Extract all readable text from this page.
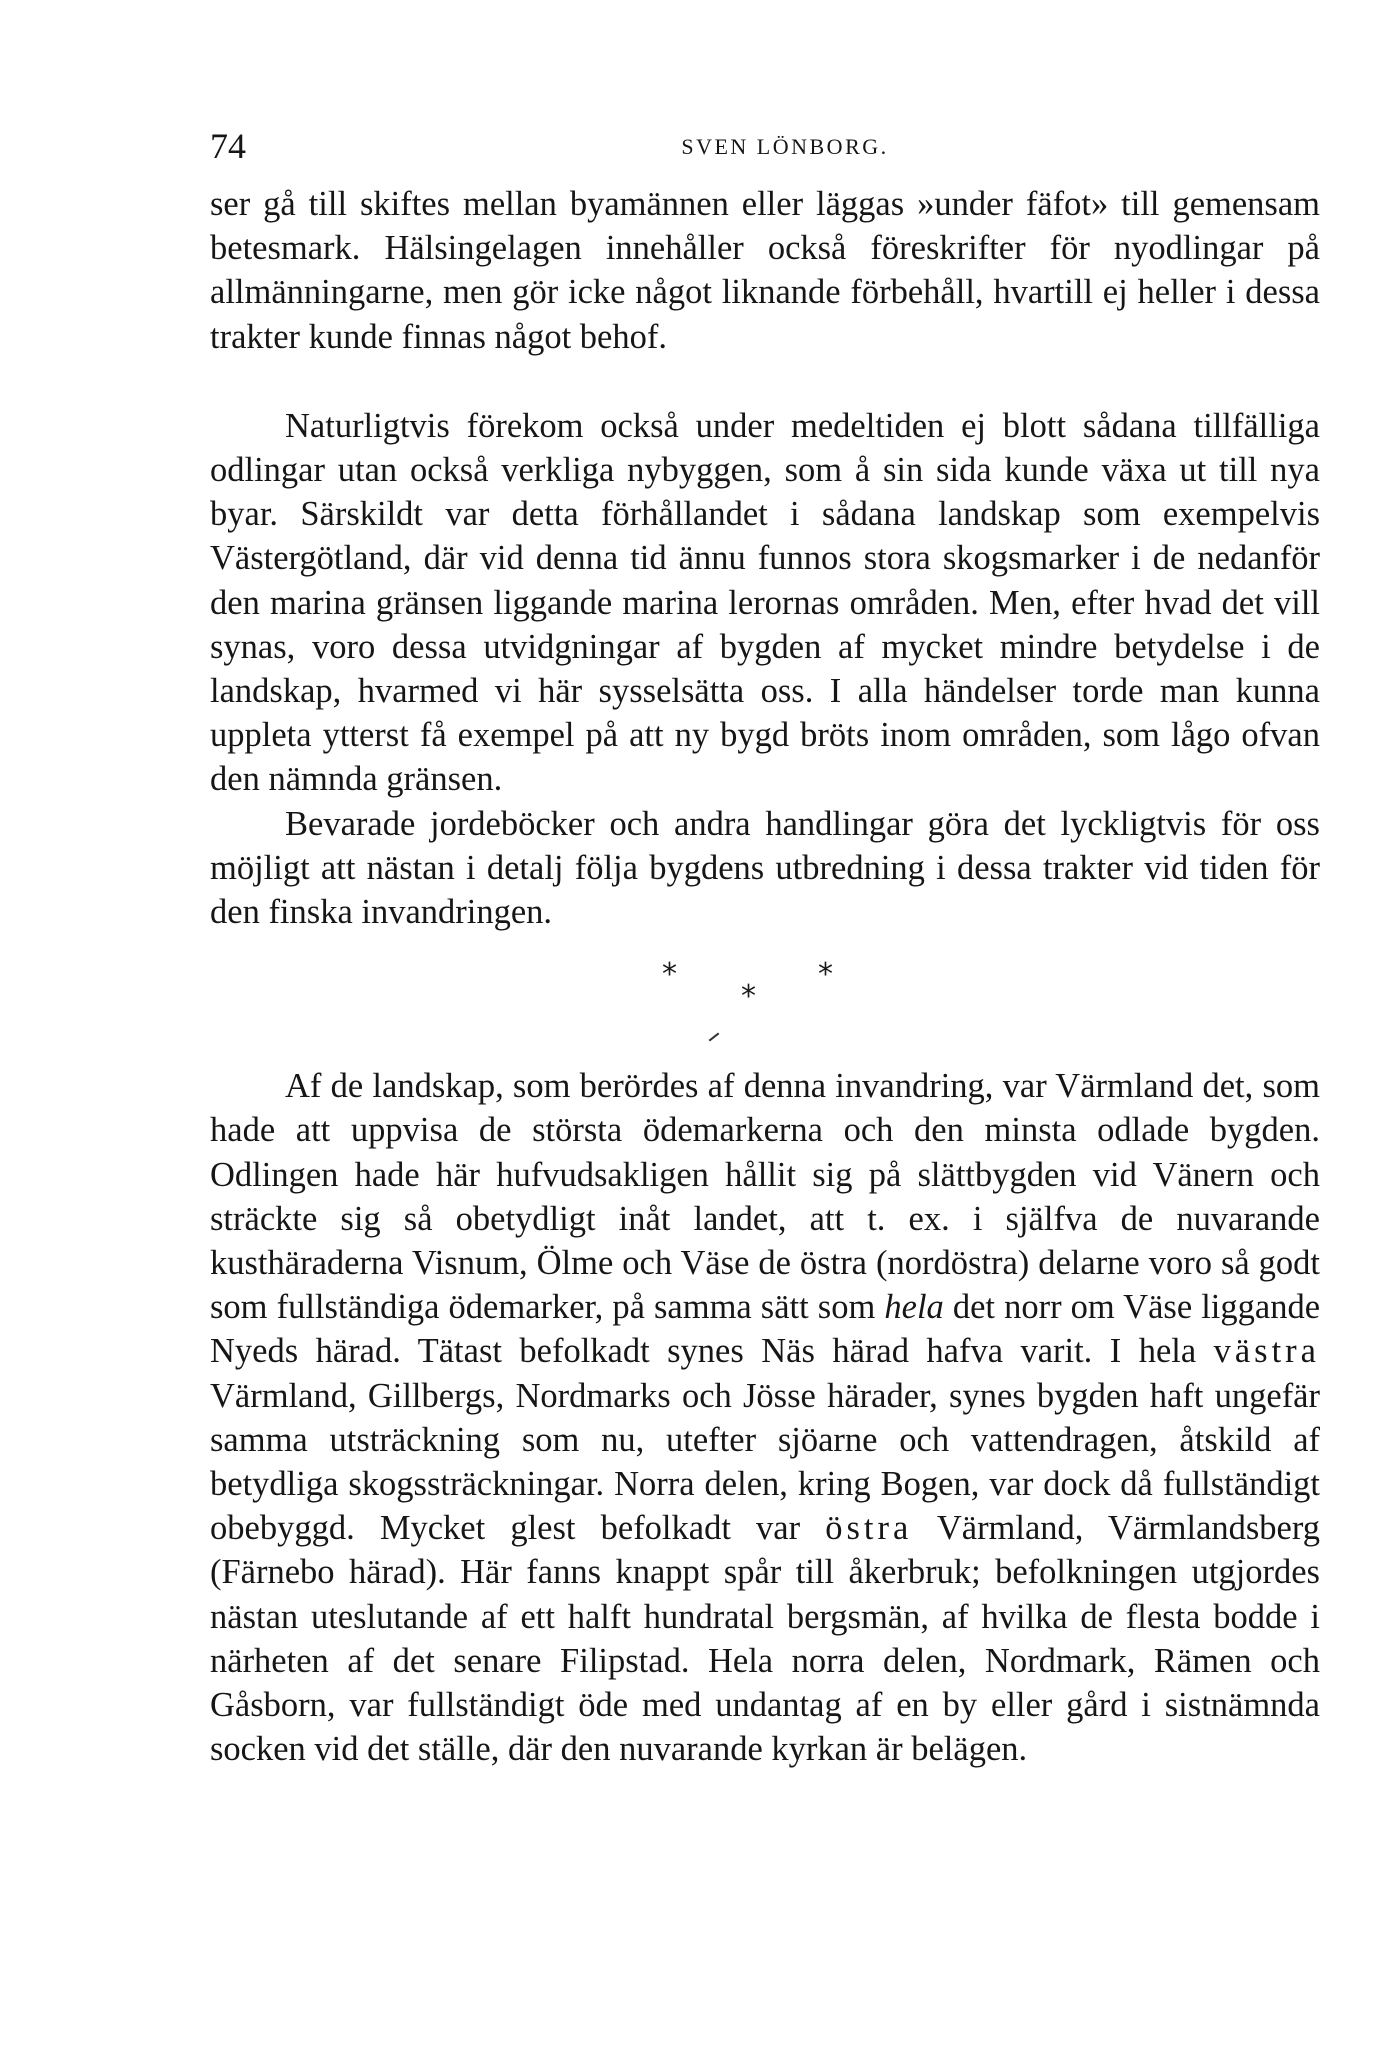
74	SVEN LÖNBORG.

ser gå till skiftes mellan byamännen eller läggas »under fäfot» till gemensam betesmark. Hälsingelagen innehåller också föreskrifter för nyodlingar på allmänningarne, men gör icke något liknande förbehåll, hvartill ej heller i dessa trakter kunde finnas något behof.

Naturligtvis förekom också under medeltiden ej blott sådana tillfälliga odlingar utan också verkliga nybyggen, som å sin sida kunde växa ut till nya byar. Särskildt var detta förhållandet i sådana landskap som exempelvis Västergötland, där vid denna tid ännu funnos stora skogsmarker i de nedanför den marina gränsen liggande marina lerornas områden. Men, efter hvad det vill synas, voro dessa utvidgningar af bygden af mycket mindre betydelse i de landskap, hvarmed vi här sysselsätta oss. I alla händelser torde man kunna uppleta ytterst få exempel på att ny bygd bröts inom områden, som lågo ofvan den nämnda gränsen.

Bevarade jordeböcker och andra handlingar göra det lyckligtvis för oss möjligt att nästan i detalj följa bygdens utbredning i dessa trakter vid tiden för den finska invandringen.

*
*
*

Af de landskap, som berördes af denna invandring, var Värmland det, som hade att uppvisa de största ödemarkerna och den minsta odlade bygden. Odlingen hade här hufvudsakligen hållit sig på slättbygden vid Vänern och sträckte sig så obetydligt inåt landet, att t. ex. i själfva de nuvarande kusthäraderna Visnum, Ölme och Väse de östra (nordöstra) delarne voro så godt som fullständiga ödemarker, på samma sätt som hela det norr om Väse liggande Nyeds härad. Tätast befolkadt synes Näs härad hafva varit. I hela västra Värmland, Gillbergs, Nordmarks och Jösse härader, synes bygden haft ungefär samma utsträckning som nu, utefter sjöarne och vattendragen, åtskild af betydliga skogssträckningar. Norra delen, kring Bogen, var dock då fullständigt obebyggd. Mycket glest befolkadt var östra Värmland, Värmlandsberg (Färnebo härad). Här fanns knappt spår till åkerbruk; befolkningen utgjordes nästan uteslutande af ett halft hundratal bergsmän, af hvilka de flesta bodde i närheten af det senare Filipstad. Hela norra delen, Nordmark, Rämen och Gåsborn, var fullständigt öde med undantag af en by eller gård i sistnämnda socken vid det ställe, där den nuvarande kyrkan är belägen.
